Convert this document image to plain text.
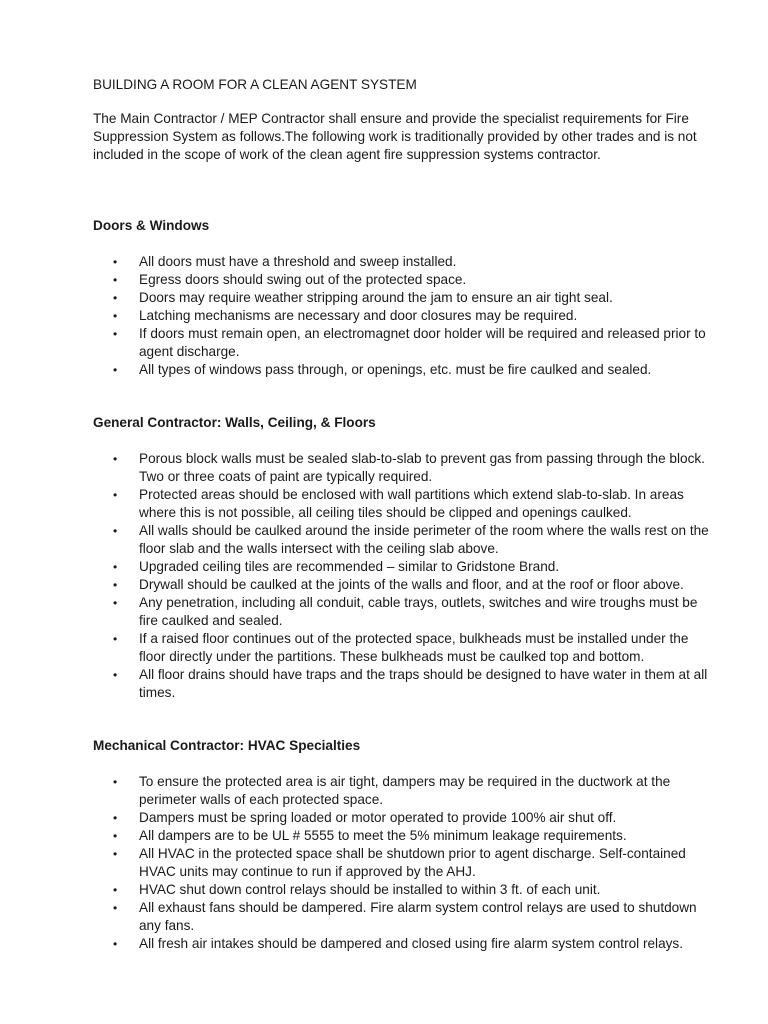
BUILDING A ROOM FOR A CLEAN AGENT SYSTEM

The Main Contractor / MEP Contractor shall ensure and provide the specialist requirements for Fire Suppression System as follows.The following work is traditionally provided by other trades and is not included in the scope of work of the clean agent fire suppression systems contractor.

Doors & Windows
• All doors must have a threshold and sweep installed.
• Egress doors should swing out of the protected space.
• Doors may require weather stripping around the jam to ensure an air tight seal.
• Latching mechanisms are necessary and door closures may be required.
• If doors must remain open, an electromagnet door holder will be required and released prior to agent discharge.
• All types of windows pass through, or openings, etc. must be fire caulked and sealed.
General Contractor: Walls, Ceiling, & Floors
• Porous block walls must be sealed slab-to-slab to prevent gas from passing through the block. Two or three coats of paint are typically required.
• Protected areas should be enclosed with wall partitions which extend slab-to-slab. In areas where this is not possible, all ceiling tiles should be clipped and openings caulked.
• All walls should be caulked around the inside perimeter of the room where the walls rest on the floor slab and the walls intersect with the ceiling slab above.
• Upgraded ceiling tiles are recommended – similar to Gridstone Brand.
• Drywall should be caulked at the joints of the walls and floor, and at the roof or floor above.
• Any penetration, including all conduit, cable trays, outlets, switches and wire troughs must be fire caulked and sealed.
• If a raised floor continues out of the protected space, bulkheads must be installed under the floor directly under the partitions. These bulkheads must be caulked top and bottom.
• All floor drains should have traps and the traps should be designed to have water in them at all times.
Mechanical Contractor: HVAC Specialties
• To ensure the protected area is air tight, dampers may be required in the ductwork at the perimeter walls of each protected space.
• Dampers must be spring loaded or motor operated to provide 100% air shut off.
• All dampers are to be UL # 5555 to meet the 5% minimum leakage requirements.
• All HVAC in the protected space shall be shutdown prior to agent discharge. Self-contained HVAC units may continue to run if approved by the AHJ.
• HVAC shut down control relays should be installed to within 3 ft. of each unit.
• All exhaust fans should be dampered. Fire alarm system control relays are used to shutdown any fans.
• All fresh air intakes should be dampered and closed using fire alarm system control relays.
